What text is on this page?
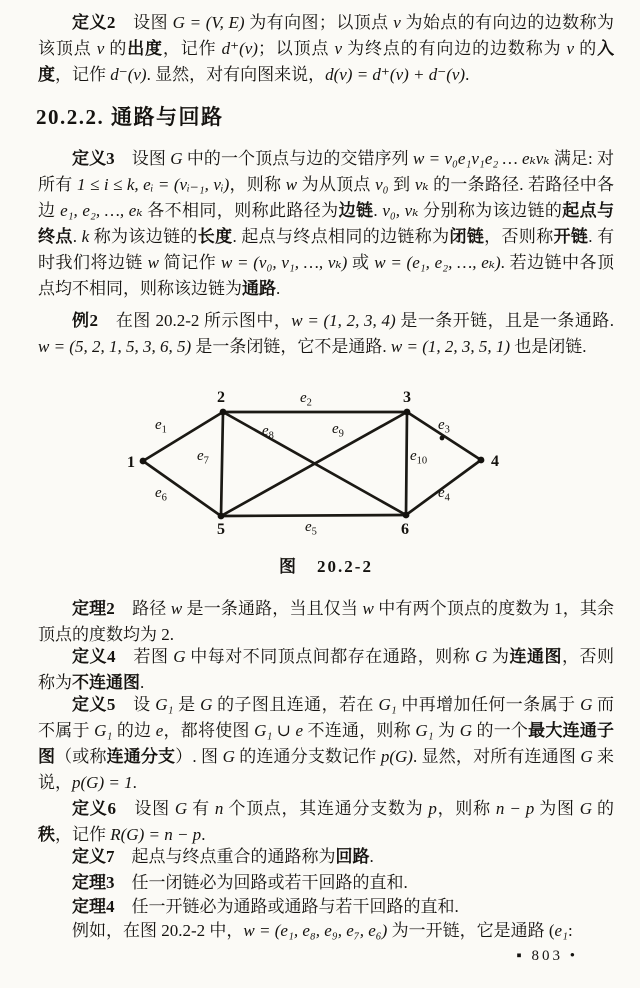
定义2　设图 G = (V, E) 为有向图；以顶点 v 为始点的有向边的边数称为该顶点 v 的出度，记作 d⁺(v)；以顶点 v 为终点的有向边的边数称为 v 的入度，记作 d⁻(v). 显然，对有向图来说，d(v) = d⁺(v) + d⁻(v).

20.2.2. 通路与回路

定义3　设图 G 中的一个顶点与边的交错序列 w = v₀e₁v₁e₂ … eₖvₖ 满足: 对所有 1 ≤ i ≤ k, eᵢ = (vᵢ₋₁, vᵢ)，则称 w 为从顶点 v₀ 到 vₖ 的一条路径. 若路径中各边 e₁, e₂, …, eₖ 各不相同，则称此路径为边链. v₀, vₖ 分别称为该边链的起点与终点. k 称为该边链的长度. 起点与终点相同的边链称为闭链，否则称开链. 有时我们将边链 w 简记作 w = (v₀, v₁, …, vₖ) 或 w = (e₁, e₂, …, eₖ). 若边链中各顶点均不相同，则称该边链为通路.

例2　在图 20.2-2 所示图中，w = (1, 2, 3, 4) 是一条开链，且是一条通路. w = (5, 2, 1, 5, 3, 6, 5) 是一条闭链，它不是通路. w = (1, 2, 3, 5, 1) 也是闭链.

1
2	3
4
5	6
$e_1$
$e_2$
$e_3$
$e_4$
$e_5$
$e_6$
$e_7$
$e_8$	$e_9$
$e_{10}$

图　20.2-2

定理2　路径 w 是一条通路，当且仅当 w 中有两个顶点的度数为 1，其余顶点的度数均为 2.

定义4　若图 G 中每对不同顶点间都存在通路，则称 G 为连通图，否则称为不连通图.

定义5　设 G₁ 是 G 的子图且连通，若在 G₁ 中再增加任何一条属于 G 而不属于 G₁ 的边 e，都将使图 G₁ ∪ e 不连通，则称 G₁ 为 G 的一个最大连通子图（或称连通分支）. 图 G 的连通分支数记作 p(G). 显然，对所有连通图 G 来说，p(G) = 1.

定义6　设图 G 有 n 个顶点，其连通分支数为 p，则称 n − p 为图 G 的秩，记作 R(G) = n − p.

定义7　起点与终点重合的通路称为回路.

定理3　任一闭链必为回路或若干回路的直和.

定理4　任一开链必为通路或通路与若干回路的直和.

例如，在图 20.2-2 中，w = (e₁, e₈, e₉, e₇, e₆) 为一开链，它是通路 (e₁:

▪ 803 •
